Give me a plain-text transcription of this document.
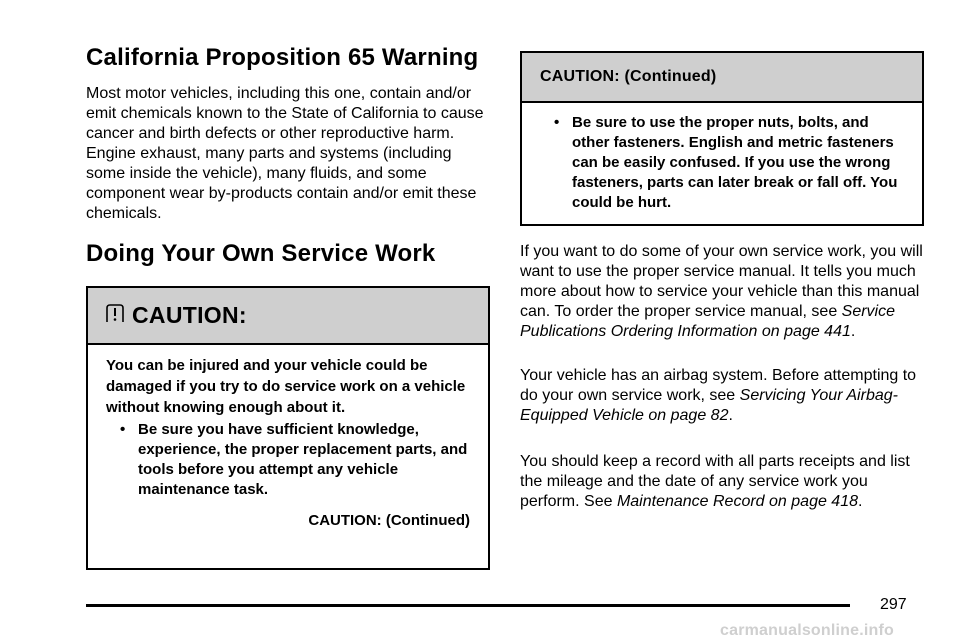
California Proposition 65 Warning

Most motor vehicles, including this one, contain and/or emit chemicals known to the State of California to cause cancer and birth defects or other reproductive harm. Engine exhaust, many parts and systems (including some inside the vehicle), many fluids, and some component wear by-products contain and/or emit these chemicals.

Doing Your Own Service Work
CAUTION:

You can be injured and your vehicle could be damaged if you try to do service work on a vehicle without knowing enough about it.

• Be sure you have sufficient knowledge, experience, the proper replacement parts, and tools before you attempt any vehicle maintenance task.
CAUTION: (Continued)
CAUTION: (Continued)
• Be sure to use the proper nuts, bolts, and other fasteners. English and metric fasteners can be easily confused. If you use the wrong fasteners, parts can later break or fall off. You could be hurt.

If you want to do some of your own service work, you will want to use the proper service manual. It tells you much more about how to service your vehicle than this manual can. To order the proper service manual, see Service Publications Ordering Information on page 441.

Your vehicle has an airbag system. Before attempting to do your own service work, see Servicing Your Airbag-Equipped Vehicle on page 82.

You should keep a record with all parts receipts and list the mileage and the date of any service work you perform. See Maintenance Record on page 418.

297
carmanualsonline.info
